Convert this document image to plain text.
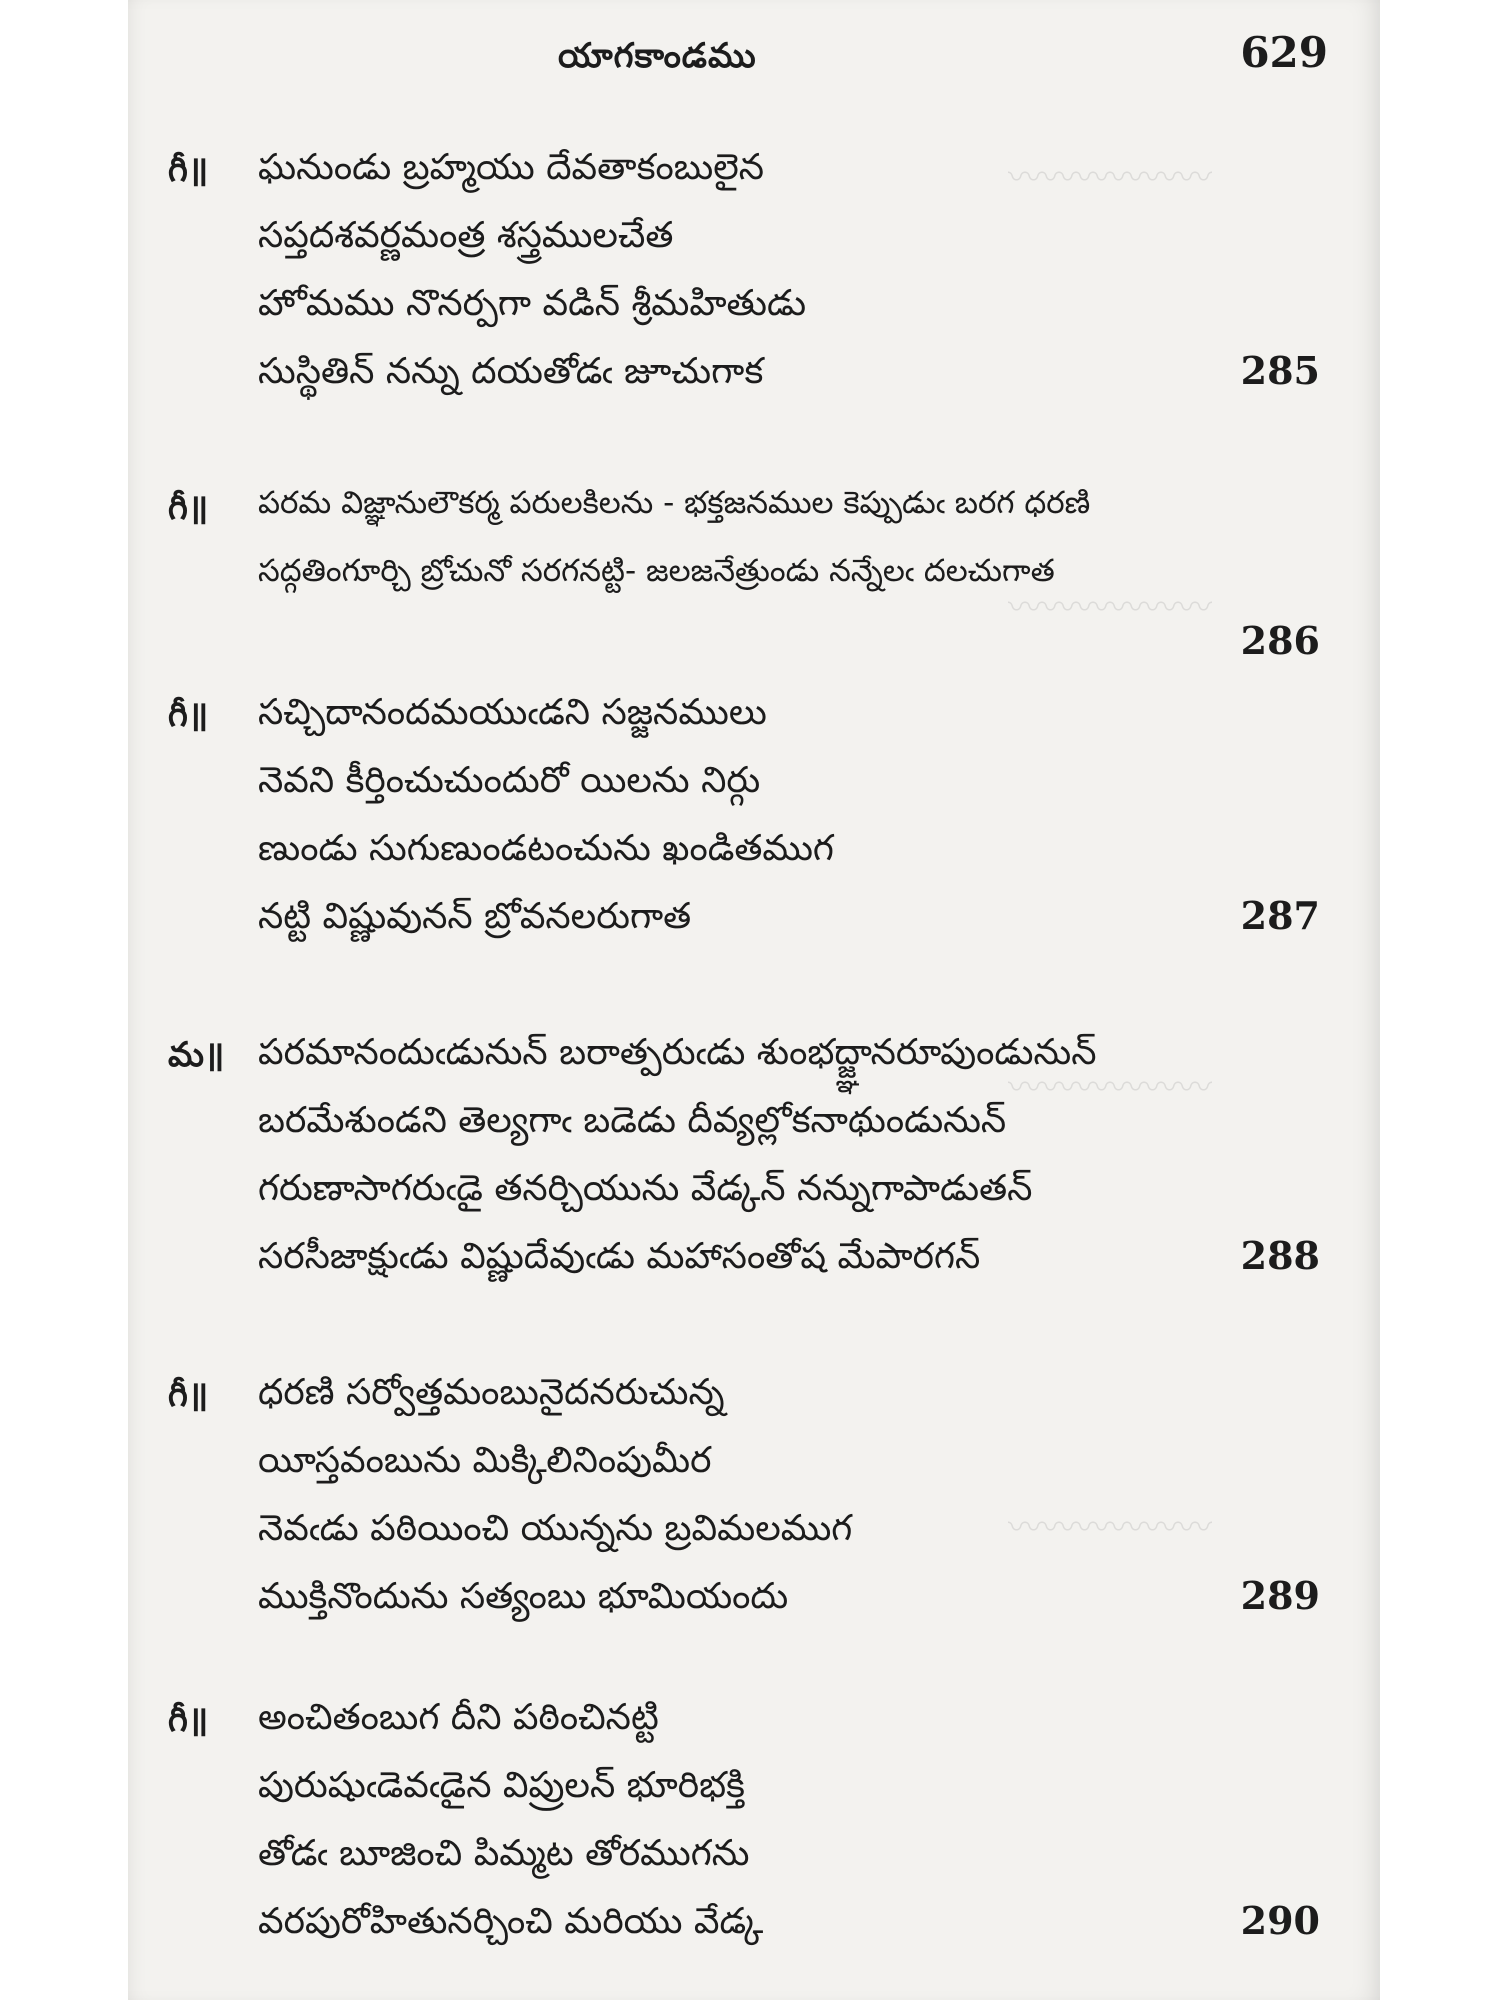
〰〰〰〰〰〰
〰〰〰〰〰〰
〰〰〰〰〰〰
〰〰〰〰〰〰
యాగకాండము	629
గీ॥ ఘనుండు బ్రహ్మయు దేవతాకంబులైన
సప్తదశవర్ణమంత్ర శస్త్రములచేత
హోమము నొనర్పగా వడిన్ శ్రీమహితుడు
సుస్థితిన్ నన్ను దయతోడఁ జూచుగాక	285
గీ॥ పరమ విజ్ఞానులౌకర్మ పరులకిలను - భక్తజనముల కెప్పుడుఁ బరగ ధరణి
సద్గతింగూర్చి బ్రోచునో సరగనట్టి- జలజనేత్రుండు నన్నేలఁ దలచుగాత
286
గీ॥ సచ్చిదానందమయుఁడని సజ్జనములు
నెవని కీర్తించుచుందురో యిలను నిర్గు
ణుండు సుగుణుండటంచును ఖండితముగ
నట్టి విష్ణువునన్ బ్రోవనలరుగాత	287
మ॥ పరమానందుఁడునున్ బరాత్పరుఁడు శుంభద్జ్ఞానరూపుండునున్
బరమేశుండని తెల్యగాఁ బడెడు దీవ్యల్లోకనాథుండునున్
గరుణాసాగరుఁడై తనర్చియును వేడ్కన్ నన్నుగాపాడుతన్
సరసీజాక్షుఁడు విష్ణుదేవుఁడు మహాసంతోష మేపారగన్	288
గీ॥ ధరణి సర్వోత్తమంబునైదనరుచున్న
యీస్తవంబును మిక్కిలినింపుమీర
నెవఁడు పఠియించి యున్నను బ్రవిమలముగ
ముక్తినొందును సత్యంబు భూమియందు	289
గీ॥ అంచితంబుగ దీని పఠించినట్టి
పురుషుఁడెవఁడైన విప్రులన్ భూరిభక్తి
తోడఁ బూజించి పిమ్మట తోరముగను
వరపురోహితునర్చించి మరియు వేడ్క	290
